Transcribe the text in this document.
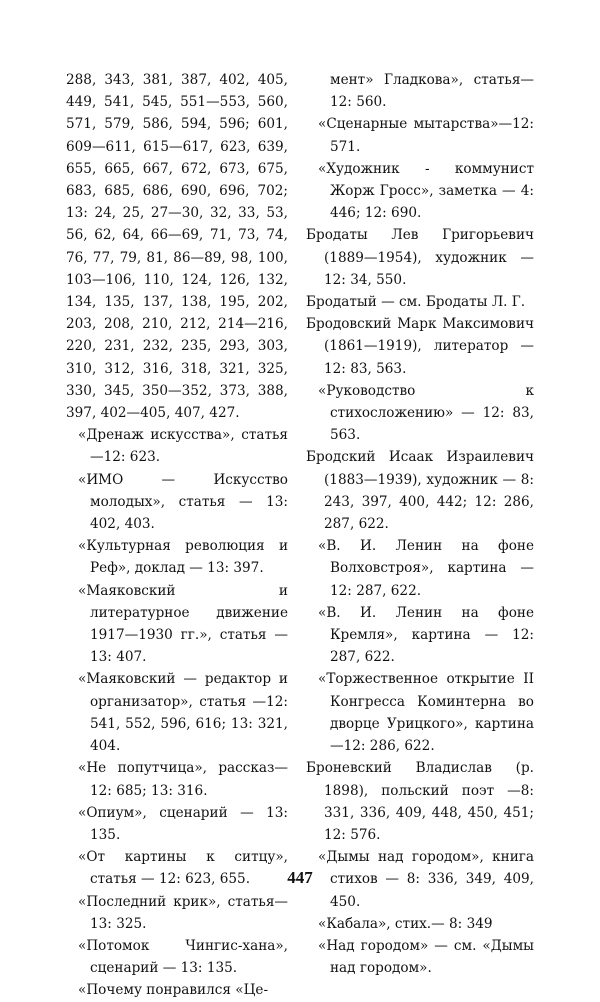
288, 343, 381, 387, 402, 405, 449, 541, 545, 551—553, 560, 571, 579, 586, 594, 596; 601, 609—611, 615—617, 623, 639, 655, 665, 667, 672, 673, 675, 683, 685, 686, 690, 696, 702; 13: 24, 25, 27—30, 32, 33, 53, 56, 62, 64, 66—69, 71, 73, 74, 76, 77, 79, 81, 86—89, 98, 100, 103—106, 110, 124, 126, 132, 134, 135, 137, 138, 195, 202, 203, 208, 210, 212, 214—216, 220, 231, 232, 235, 293, 303, 310, 312, 316, 318, 321, 325, 330, 345, 350—352, 373, 388, 397, 402—405, 407, 427.

«Дренаж искусства», статья—12: 623.

«ИМО — Искусство молодых», статья — 13: 402, 403.

«Культурная революция и Реф», доклад — 13: 397.

«Маяковский и литературное движение 1917—1930 гг.», статья — 13: 407.

«Маяковский — редактор и организатор», статья —12: 541, 552, 596, 616; 13: 321, 404.

«Не попутчица», рассказ—12: 685; 13: 316.

«Опиум», сценарий — 13: 135.

«От картины к ситцу», статья — 12: 623, 655.

«Последний крик», статья—13: 325.

«Потомок Чингис-хана», сценарий — 13: 135.

«Почему понравился «Це-

мент» Гладкова», статья— 12: 560.

«Сценарные мытарства»—12: 571.

«Художник - коммунист Жорж Гросс», заметка — 4: 446; 12: 690.

Бродаты Лев Григорьевич (1889—1954), художник —12: 34, 550.

Бродатый — см. Бродаты Л. Г.

Бродовский Марк Максимович (1861—1919), литератор — 12: 83, 563.

«Руководство к стихосложению» — 12: 83, 563.

Бродский Исаак Израилевич (1883—1939), художник — 8: 243, 397, 400, 442; 12: 286, 287, 622.

«В. И. Ленин на фоне Волховстроя», картина —12: 287, 622.

«В. И. Ленин на фоне Кремля», картина — 12: 287, 622.

«Торжественное открытие II Конгресса Коминтерна во дворце Урицкого», картина—12: 286, 622.

Броневский Владислав (р. 1898), польский поэт —8: 331, 336, 409, 448, 450, 451; 12: 576.

«Дымы над городом», книга стихов — 8: 336, 349, 409, 450.

«Кабала», стих.— 8: 349

«Над городом» — см. «Дымы над городом».

447
